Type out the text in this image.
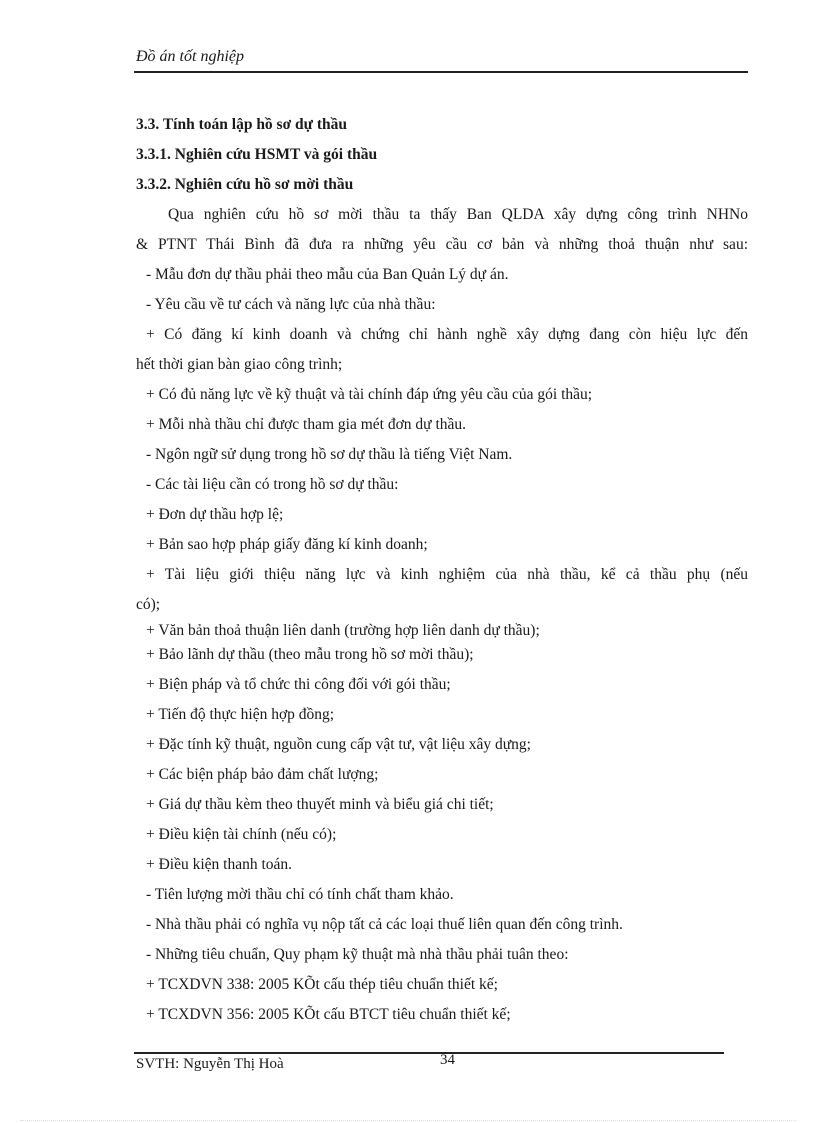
Đồ án tốt nghiệp
3.3. Tính toán lập hồ sơ dự thầu
3.3.1. Nghiên cứu HSMT và gói thầu
3.3.2. Nghiên cứu hồ sơ mời thầu
Qua nghiên cứu hồ sơ mời thầu ta thấy Ban QLDA xây dựng công trình NHNo
& PTNT Thái Bình đã đưa ra những yêu cầu cơ bản và những thoả thuận như sau:
- Mẫu đơn dự thầu phải theo mẫu của Ban Quản Lý dự án.
- Yêu cầu về tư cách và năng lực của nhà thầu:
+ Có đăng kí kinh doanh và chứng chỉ hành nghề xây dựng đang còn hiệu lực đến
hết thời gian bàn giao công trình;
+ Có đủ năng lực về kỹ thuật và tài chính đáp ứng yêu cầu của gói thầu;
+ Mỗi nhà thầu chỉ được tham gia mét đơn dự thầu.
- Ngôn ngữ sử dụng trong hồ sơ dự thầu là tiếng Việt Nam.
- Các tài liệu cần có trong hồ sơ dự thầu:
+ Đơn dự thầu hợp lệ;
+ Bản sao hợp pháp giấy đăng kí kinh doanh;
+ Tài liệu giới thiệu năng lực và kinh nghiệm của nhà thầu, kể cả thầu phụ (nếu
có);
+ Văn bản thoả thuận liên danh (trường hợp liên danh dự thầu);
+ Bảo lãnh dự thầu (theo mẫu trong hồ sơ mời thầu);
+ Biện pháp và tổ chức thi công đối với gói thầu;
+ Tiến độ thực hiện hợp đồng;
+ Đặc tính kỹ thuật, nguồn cung cấp vật tư, vật liệu xây dựng;
+ Các biện pháp bảo đảm chất lượng;
+ Giá dự thầu kèm theo thuyết minh và biểu giá chi tiết;
+ Điều kiện tài chính (nếu có);
+ Điều kiện thanh toán.
- Tiên lượng mời thầu chỉ có tính chất tham khảo.
- Nhà thầu phải có nghĩa vụ nộp tất cả các loại thuế liên quan đến công trình.
- Những tiêu chuẩn, Quy phạm kỹ thuật mà nhà thầu phải tuân theo:
+ TCXDVN 338: 2005 KÕt cấu thép tiêu chuẩn thiết kế;
+ TCXDVN 356: 2005 KÕt cấu BTCT tiêu chuẩn thiết kế;
34
SVTH: Nguyễn Thị Hoà
